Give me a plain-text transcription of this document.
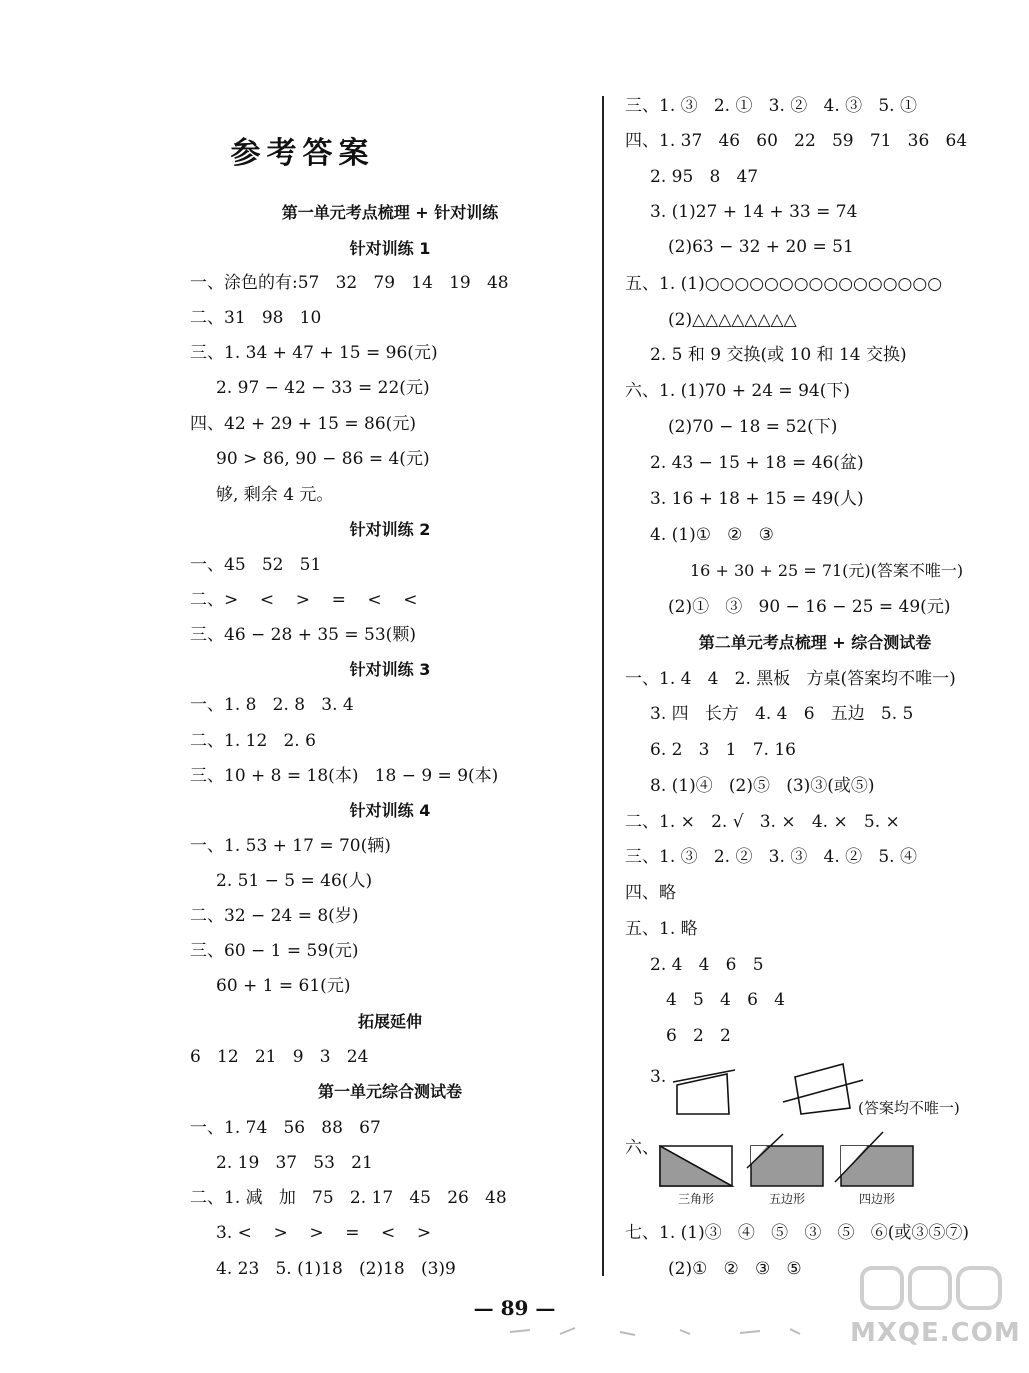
参考答案
第一单元考点梳理 + 针对训练
针对训练 1
一、涂色的有:57   32   79   14   19   48
二、31   98   10
三、1. 34 + 47 + 15 = 96(元)
2. 97 − 42 − 33 = 22(元)
四、42 + 29 + 15 = 86(元)
90 > 86, 90 − 86 = 4(元)
够, 剩余 4 元。
针对训练 2
一、45   52   51
二、>    <    >    =    <    <
三、46 − 28 + 35 = 53(颗)
针对训练 3
一、1. 8   2. 8   3. 4
二、1. 12   2. 6
三、10 + 8 = 18(本)   18 − 9 = 9(本)
针对训练 4
一、1. 53 + 17 = 70(辆)
2. 51 − 5 = 46(人)
二、32 − 24 = 8(岁)
三、60 − 1 = 59(元)
60 + 1 = 61(元)
拓展延伸
6   12   21   9   3   24
第一单元综合测试卷
一、1. 74   56   88   67
2. 19   37   53   21
二、1. 减   加   75   2. 17   45   26   48
3. <    >    >    =    <    >
4. 23   5. (1)18   (2)18   (3)9
三、1. ③   2. ①   3. ②   4. ③   5. ①
四、1. 37   46   60   22   59   71   36   64
2. 95   8   47
3. (1)27 + 14 + 33 = 74
(2)63 − 32 + 20 = 51
五、1. (1)○○○○○○○○○○○○○○○○
(2)△△△△△△△△
2. 5 和 9 交换(或 10 和 14 交换)
六、1. (1)70 + 24 = 94(下)
(2)70 − 18 = 52(下)
2. 43 − 15 + 18 = 46(盆)
3. 16 + 18 + 15 = 49(人)
4. (1)①   ②   ③
16 + 30 + 25 = 71(元)(答案不唯一)
(2)①   ③   90 − 16 − 25 = 49(元)
第二单元考点梳理 + 综合测试卷
一、1. 4   4   2. 黑板   方桌(答案均不唯一)
3. 四   长方   4. 4   6   五边   5. 5
6. 2   3   1   7. 16
8. (1)④   (2)⑤   (3)③(或⑤)
二、1. ×   2. √   3. ×   4. ×   5. ×
三、1. ③   2. ②   3. ③   4. ②   5. ④
四、略
五、1. 略
2. 4   4   6   5
4   5   4   6   4
6   2   2
3.
(答案均不唯一)
六、
三角形	五边形	四边形
七、1. (1)③   ④   ⑤   ③   ⑤   ⑥(或③⑤⑦)
(2)①   ②   ③   ⑤
— 89 —
MXQE.COM
